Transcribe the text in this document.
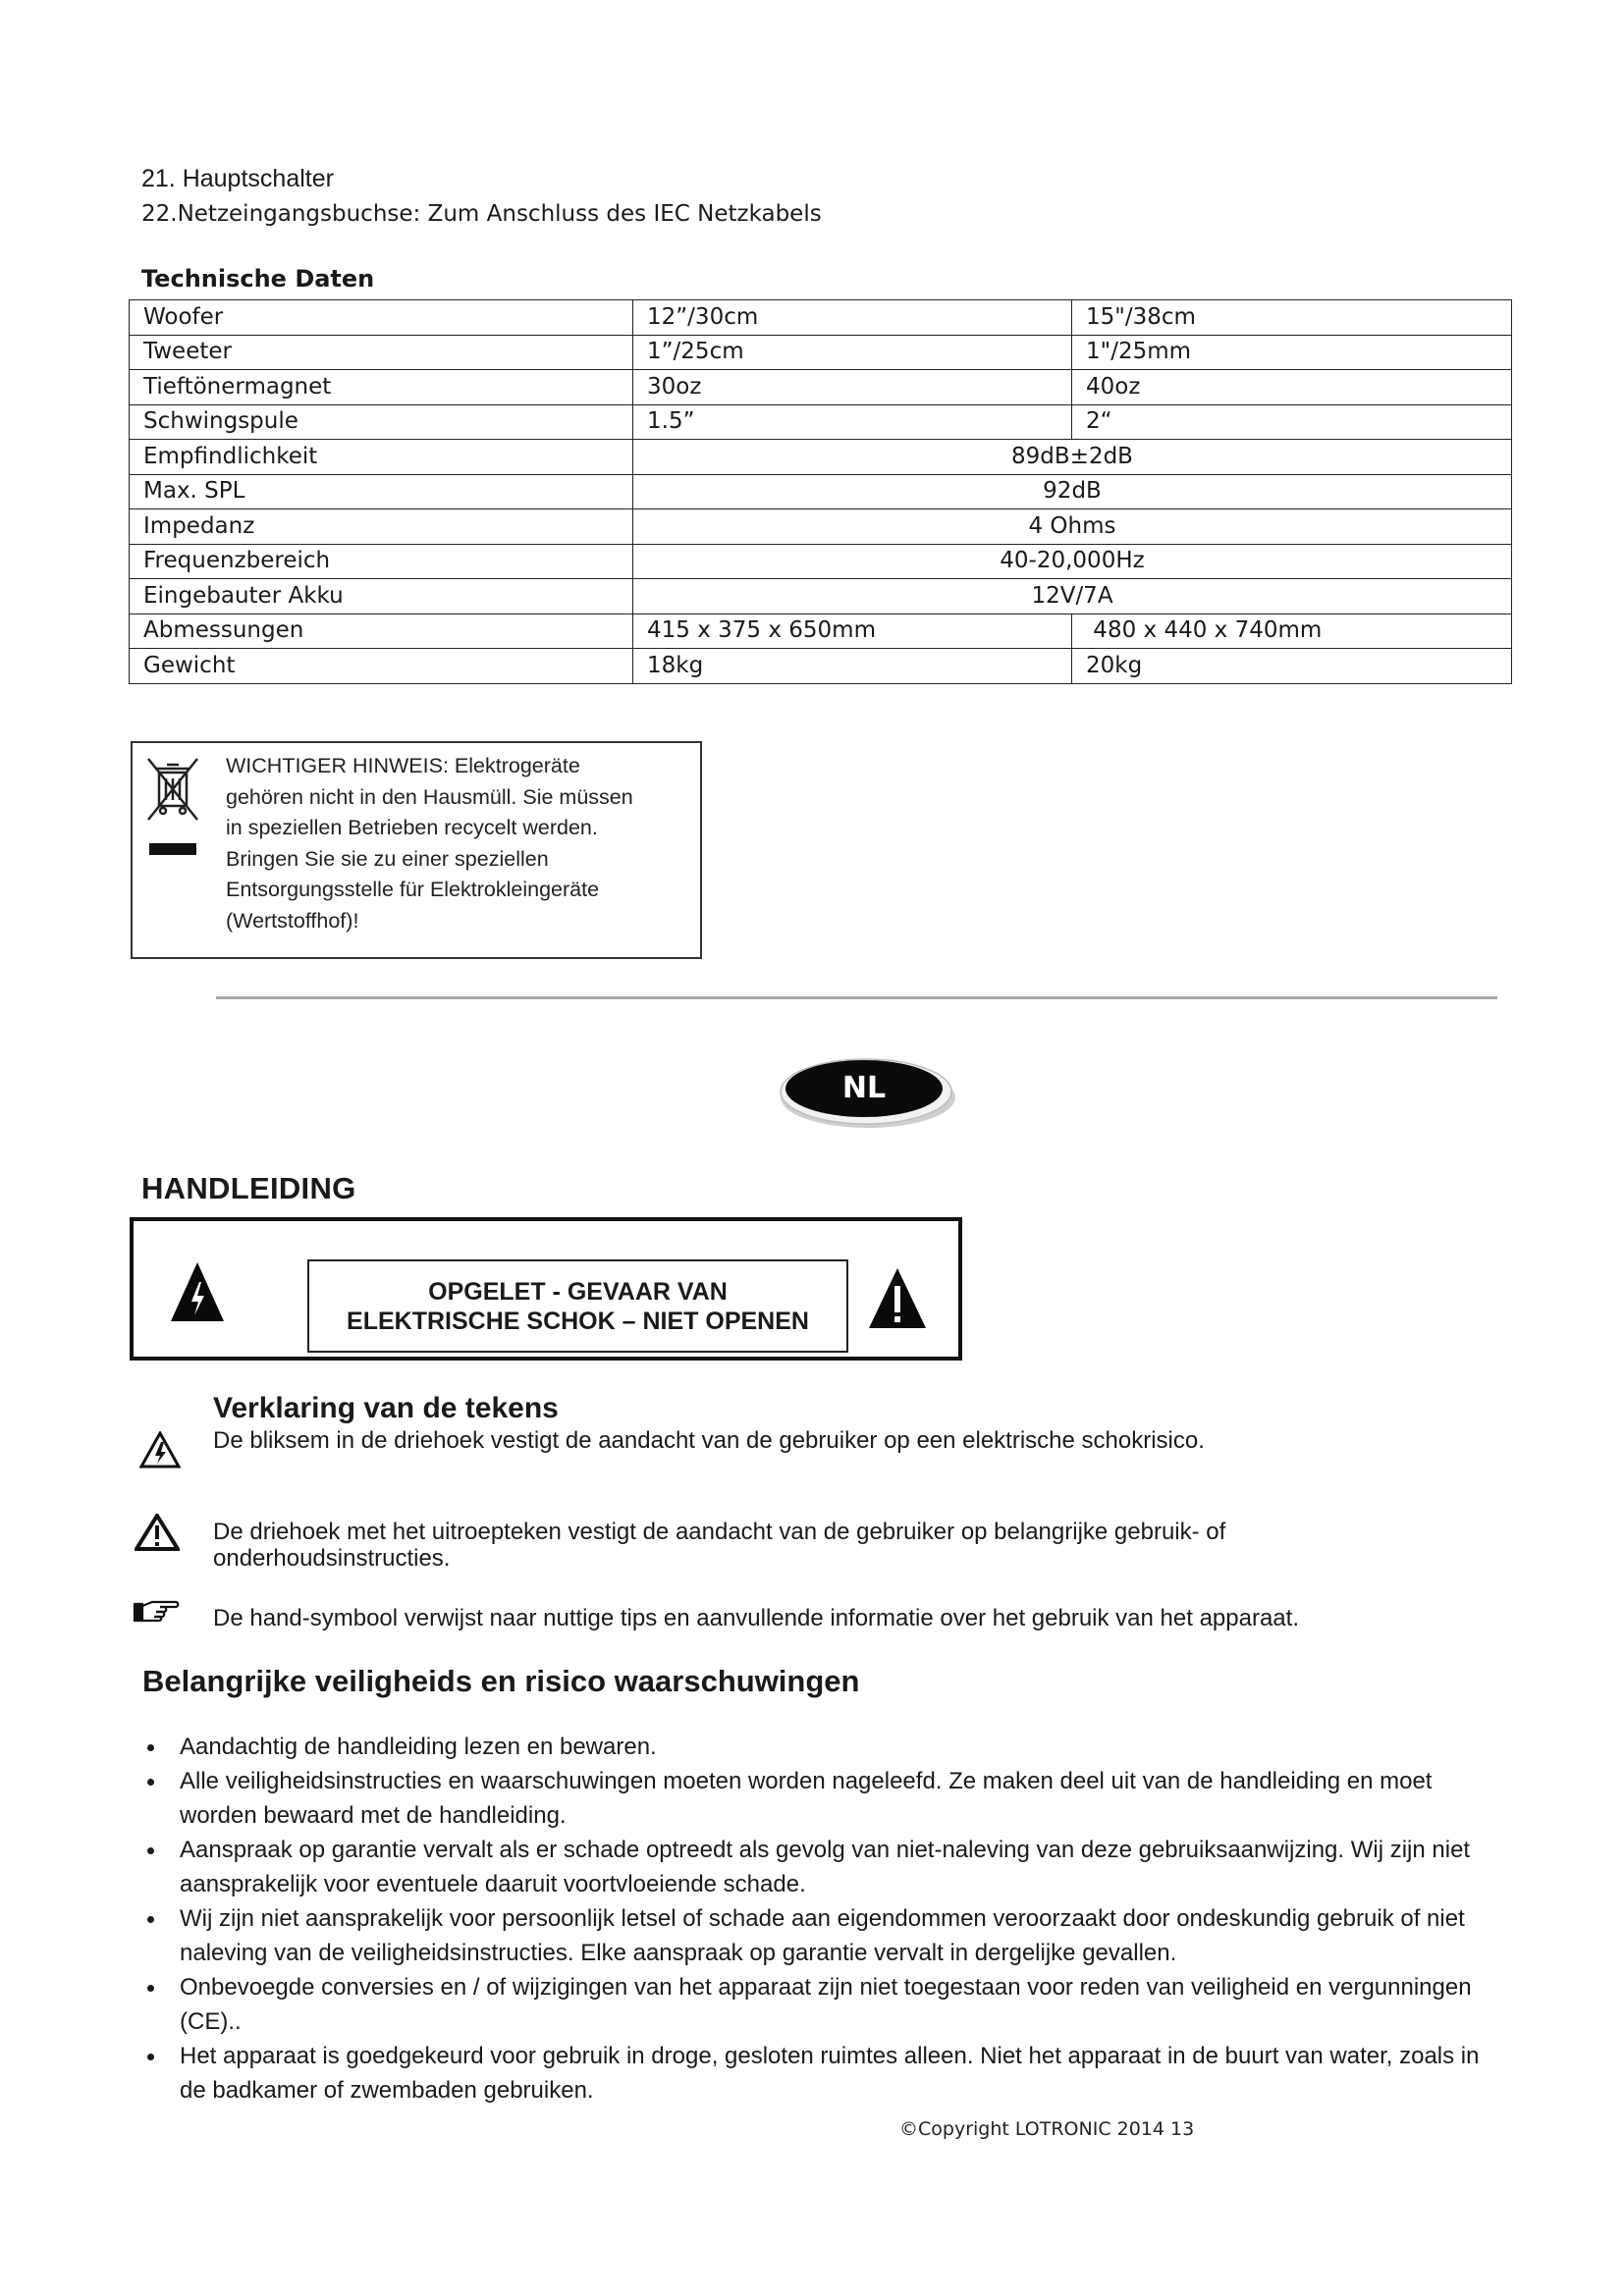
21. Hauptschalter
22.Netzeingangsbuchse: Zum Anschluss des IEC Netzkabels
Technische Daten
Woofer	12”/30cm	15"/38cm
Tweeter	1”/25cm	1"/25mm
Tieftönermagnet	30oz	40oz
Schwingspule	1.5”	2“
Empfindlichkeit	89dB±2dB	
Max. SPL	92dB	
Impedanz	4 Ohms	
Frequenzbereich	40-20,000Hz	
Eingebauter Akku	12V/7A	
Abmessungen	415 x 375 x 650mm	480 x 440 x 740mm
Gewicht	18kg	20kg
WICHTIGER HINWEIS: Elektrogeräte
gehören nicht in den Hausmüll. Sie müssen
in speziellen Betrieben recycelt werden.
Bringen Sie sie zu einer speziellen
Entsorgungsstelle für Elektrokleingeräte
(Wertstoffhof)!
NL
HANDLEIDING
OPGELET - GEVAAR VAN
ELEKTRISCHE SCHOK – NIET OPENEN
Verklaring van de tekens
De bliksem in de driehoek vestigt de aandacht van de gebruiker op een elektrische schokrisico.
De driehoek met het uitroepteken vestigt de aandacht van de gebruiker op belangrijke gebruik- of onderhoudsinstructies.
De hand-symbool verwijst naar nuttige tips en aanvullende informatie over het gebruik van het apparaat.
Belangrijke veiligheids en risico waarschuwingen
Aandachtig de handleiding lezen en bewaren.
Alle veiligheidsinstructies en waarschuwingen moeten worden nageleefd. Ze maken deel uit van de handleiding en moet worden bewaard met de handleiding.
Aanspraak op garantie vervalt als er schade optreedt als gevolg van niet-naleving van deze gebruiksaanwijzing. Wij zijn niet aansprakelijk voor eventuele daaruit voortvloeiende schade.
Wij zijn niet aansprakelijk voor persoonlijk letsel of schade aan eigendommen veroorzaakt door ondeskundig gebruik of niet naleving van de veiligheidsinstructies. Elke aanspraak op garantie vervalt in dergelijke gevallen.
Onbevoegde conversies en / of wijzigingen van het apparaat zijn niet toegestaan voor reden van veiligheid en vergunningen (CE)..
Het apparaat is goedgekeurd voor gebruik in droge, gesloten ruimtes alleen. Niet het apparaat in de buurt van water, zoals in de badkamer of zwembaden gebruiken.
©Copyright LOTRONIC 2014 13
